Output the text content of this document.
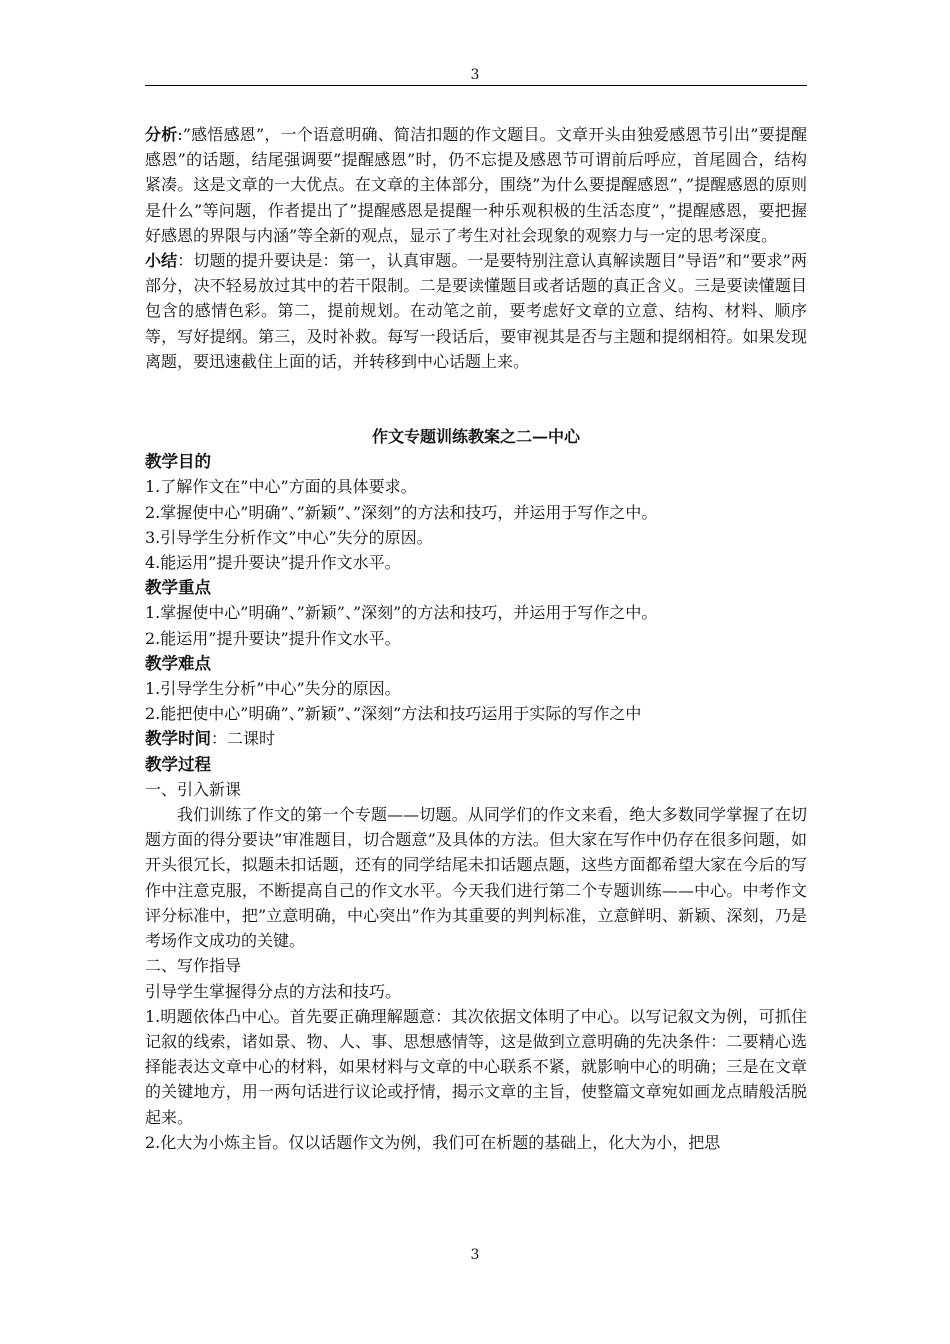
3

分析:”感悟感恩”，一个语意明确、简洁扣题的作文题目。文章开头由独爱感恩节引出”要提醒感恩”的话题，结尾强调要”提醒感恩”时，仍不忘提及感恩节可谓前后呼应，首尾圆合，结构紧凑。这是文章的一大优点。在文章的主体部分，围绕”为什么要提醒感恩”，”提醒感恩的原则是什么”等问题，作者提出了”提醒感恩是提醒一种乐观积极的生活态度”，”提醒感恩，要把握好感恩的界限与内涵”等全新的观点，显示了考生对社会现象的观察力与一定的思考深度。

小结：切题的提升要诀是：第一，认真审题。一是要特别注意认真解读题目”导语”和”要求”两部分，决不轻易放过其中的若干限制。二是要读懂题目或者话题的真正含义。三是要读懂题目包含的感情色彩。第二，提前规划。在动笔之前，要考虑好文章的立意、结构、材料、顺序等，写好提纲。第三，及时补救。每写一段话后，要审视其是否与主题和提纲相符。如果发现离题，要迅速截住上面的话，并转移到中心话题上来。

作文专题训练教案之二—中心

教学目的

1.了解作文在”中心”方面的具体要求。

2.掌握使中心”明确”、”新颖”、”深刻”的方法和技巧，并运用于写作之中。

3.引导学生分析作文”中心”失分的原因。

4.能运用”提升要诀”提升作文水平。

教学重点

1.掌握使中心”明确”、”新颖”、”深刻”的方法和技巧，并运用于写作之中。

2.能运用”提升要诀”提升作文水平。

教学难点

1.引导学生分析”中心”失分的原因。

2.能把使中心”明确”、”新颖”、”深刻”方法和技巧运用于实际的写作之中

教学时间：二课时

教学过程

一、引入新课

我们训练了作文的第一个专题——切题。从同学们的作文来看，绝大多数同学掌握了在切题方面的得分要诀”审准题目，切合题意”及具体的方法。但大家在写作中仍存在很多问题，如开头很冗长，拟题未扣话题，还有的同学结尾未扣话题点题，这些方面都希望大家在今后的写作中注意克服，不断提高自己的作文水平。今天我们进行第二个专题训练——中心。中考作文评分标准中，把”立意明确，中心突出”作为其重要的判判标准，立意鲜明、新颖、深刻，乃是考场作文成功的关键。

二、写作指导

引导学生掌握得分点的方法和技巧。

1.明题依体凸中心。首先要正确理解题意：其次依据文体明了中心。以写记叙文为例，可抓住记叙的线索，诸如景、物、人、事、思想感情等，这是做到立意明确的先决条件：二要精心选择能表达文章中心的材料，如果材料与文章的中心联系不紧，就影响中心的明确；三是在文章的关键地方，用一两句话进行议论或抒情，揭示文章的主旨，使整篇文章宛如画龙点睛般活脱起来。

2.化大为小炼主旨。仅以话题作文为例，我们可在析题的基础上，化大为小，把思

3
